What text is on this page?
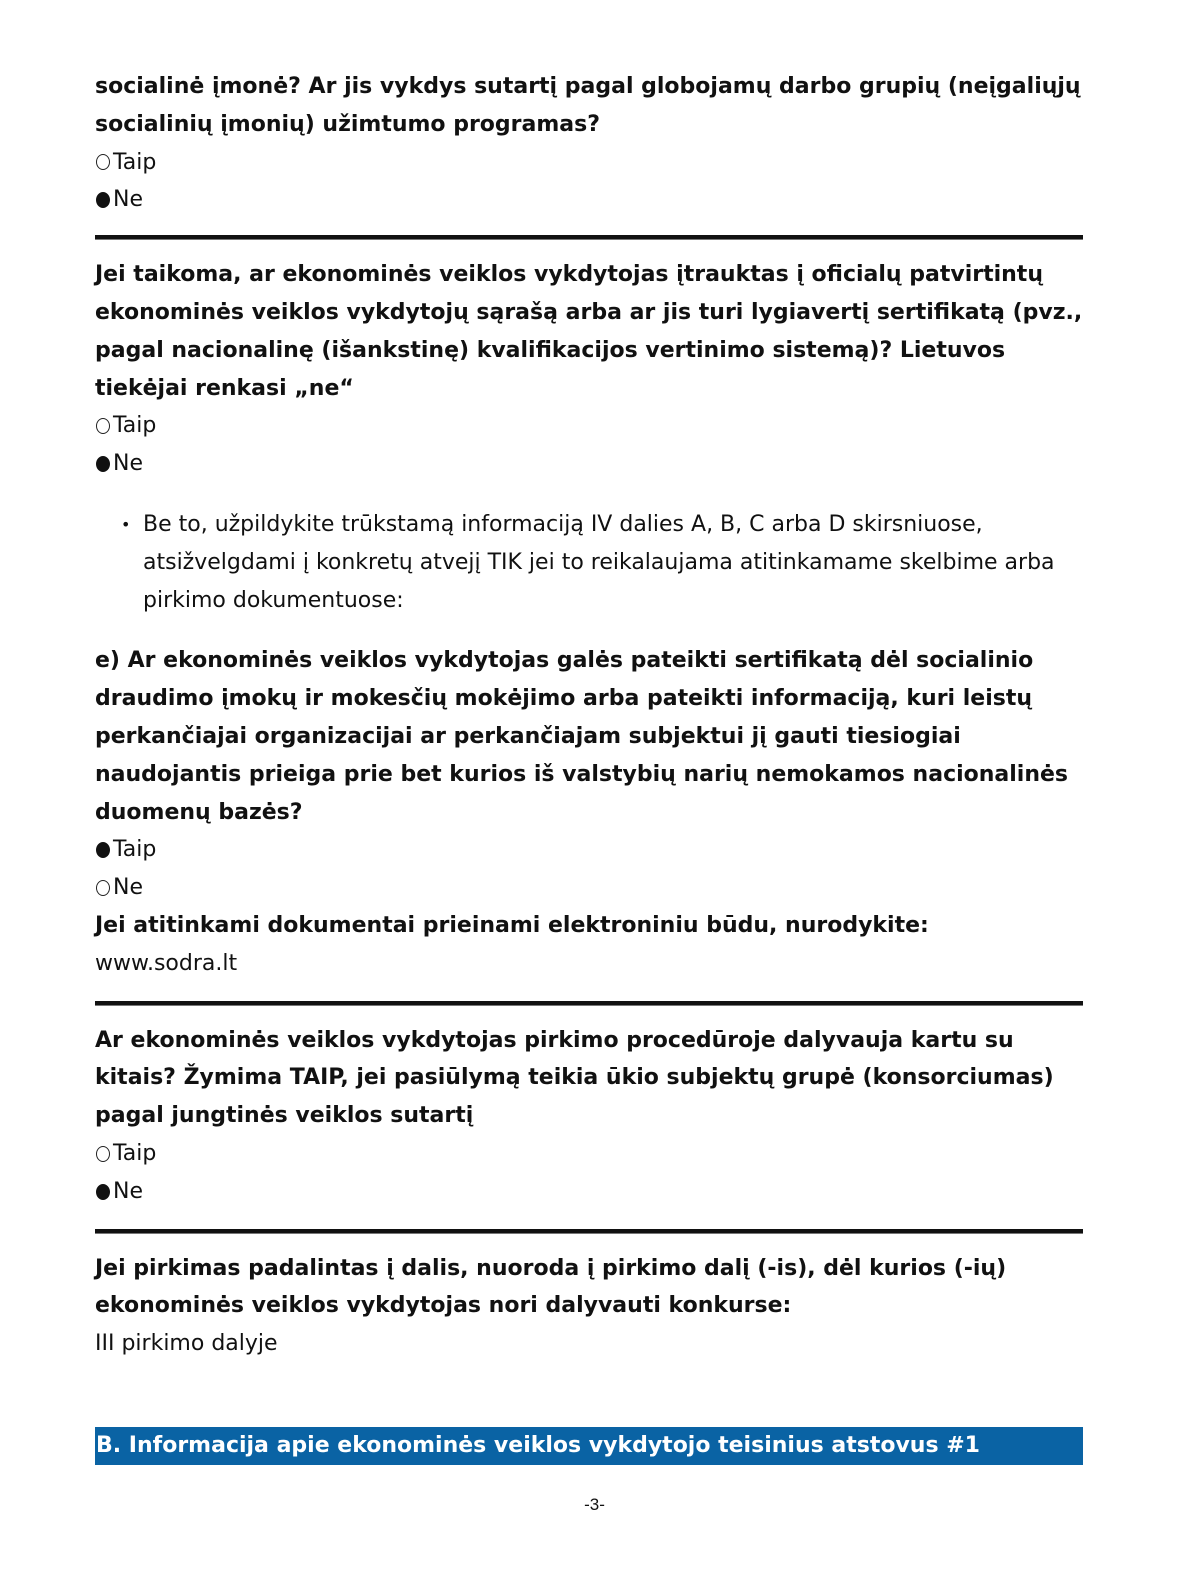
socialinė įmonė? Ar jis vykdys sutartį pagal globojamų darbo grupių (neįgaliųjų socialinių įmonių) užimtumo programas?

Taip
Ne

Jei taikoma, ar ekonominės veiklos vykdytojas įtrauktas į oficialų patvirtintų ekonominės veiklos vykdytojų sąrašą arba ar jis turi lygiavertį sertifikatą (pvz., pagal nacionalinę (išankstinę) kvalifikacijos vertinimo sistemą)? Lietuvos tiekėjai renkasi „ne“

Taip
Ne
• Be to, užpildykite trūkstamą informaciją IV dalies A, B, C arba D skirsniuose, atsižvelgdami į konkretų atvejį TIK jei to reikalaujama atitinkamame skelbime arba pirkimo dokumentuose:

e) Ar ekonominės veiklos vykdytojas galės pateikti sertifikatą dėl socialinio draudimo įmokų ir mokesčių mokėjimo arba pateikti informaciją, kuri leistų perkančiajai organizacijai ar perkančiajam subjektui jį gauti tiesiogiai naudojantis prieiga prie bet kurios iš valstybių narių nemokamos nacionalinės duomenų bazės?

Taip
Ne

Jei atitinkami dokumentai prieinami elektroniniu būdu, nurodykite:

www.sodra.lt

Ar ekonominės veiklos vykdytojas pirkimo procedūroje dalyvauja kartu su kitais? Žymima TAIP, jei pasiūlymą teikia ūkio subjektų grupė (konsorciumas) pagal jungtinės veiklos sutartį

Taip
Ne

Jei pirkimas padalintas į dalis, nuoroda į pirkimo dalį (-is), dėl kurios (-ių) ekonominės veiklos vykdytojas nori dalyvauti konkurse:

III pirkimo dalyje
B. Informacija apie ekonominės veiklos vykdytojo teisinius atstovus #1
-3-
